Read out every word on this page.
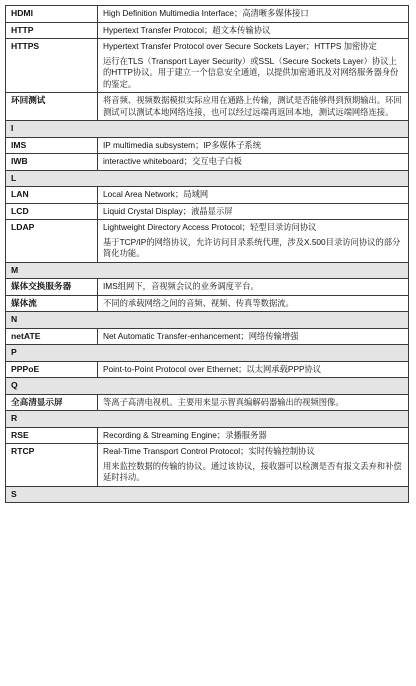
HDMI	High Definition Multimedia Interface；高清晰多媒体接口

HTTP	Hypertext Transfer Protocol；超文本传输协议

HTTPS	Hypertext Transfer Protocol over Secure Sockets Layer；HTTPS 加密协定
运行在TLS（Transport Layer Security）或SSL（Secure Sockets Layer）协议上的HTTP协议。用于建立一个信息安全通道，以提供加密通讯及对网络服务器身份的鉴定。

环回测试	将音频、视频数据模拟实际应用在通路上传输，测试是否能够得到预期输出。环回测试可以测试本地网络连接，也可以经过远端再返回本地，测试远端网络连接。

I	
IMS	IP multimedia subsystem；IP多媒体子系统

IWB	interactive whiteboard；交互电子白板

L	
LAN	Local Area Network；局域网

LCD	Liquid Crystal Display；液晶显示屏

LDAP	Lightweight Directory Access Protocol；轻型目录访问协议
基于TCP/IP的网络协议，允许访问目录系统代理，涉及X.500目录访问协议的部分简化功能。

M	
媒体交换服务器	IMS组网下，音视频会议的业务调度平台。

媒体流	不同的承载网络之间的音频、视频、传真等数据流。

N	
netATE	Net Automatic Transfer-enhancement；网络传输增强

P	
PPPoE	Point-to-Point Protocol over Ethernet；以太网承载PPP协议

Q	
全高清显示屏	等离子高清电视机。主要用来显示智真编解码器输出的视频图像。

R	
RSE	Recording & Streaming Engine；录播服务器

RTCP	Real-Time Transport Control Protocol；实时传输控制协议
用来监控数据的传输的协议。通过该协议，接收器可以检测是否有报文丢弃和补偿延时抖动。

S	
